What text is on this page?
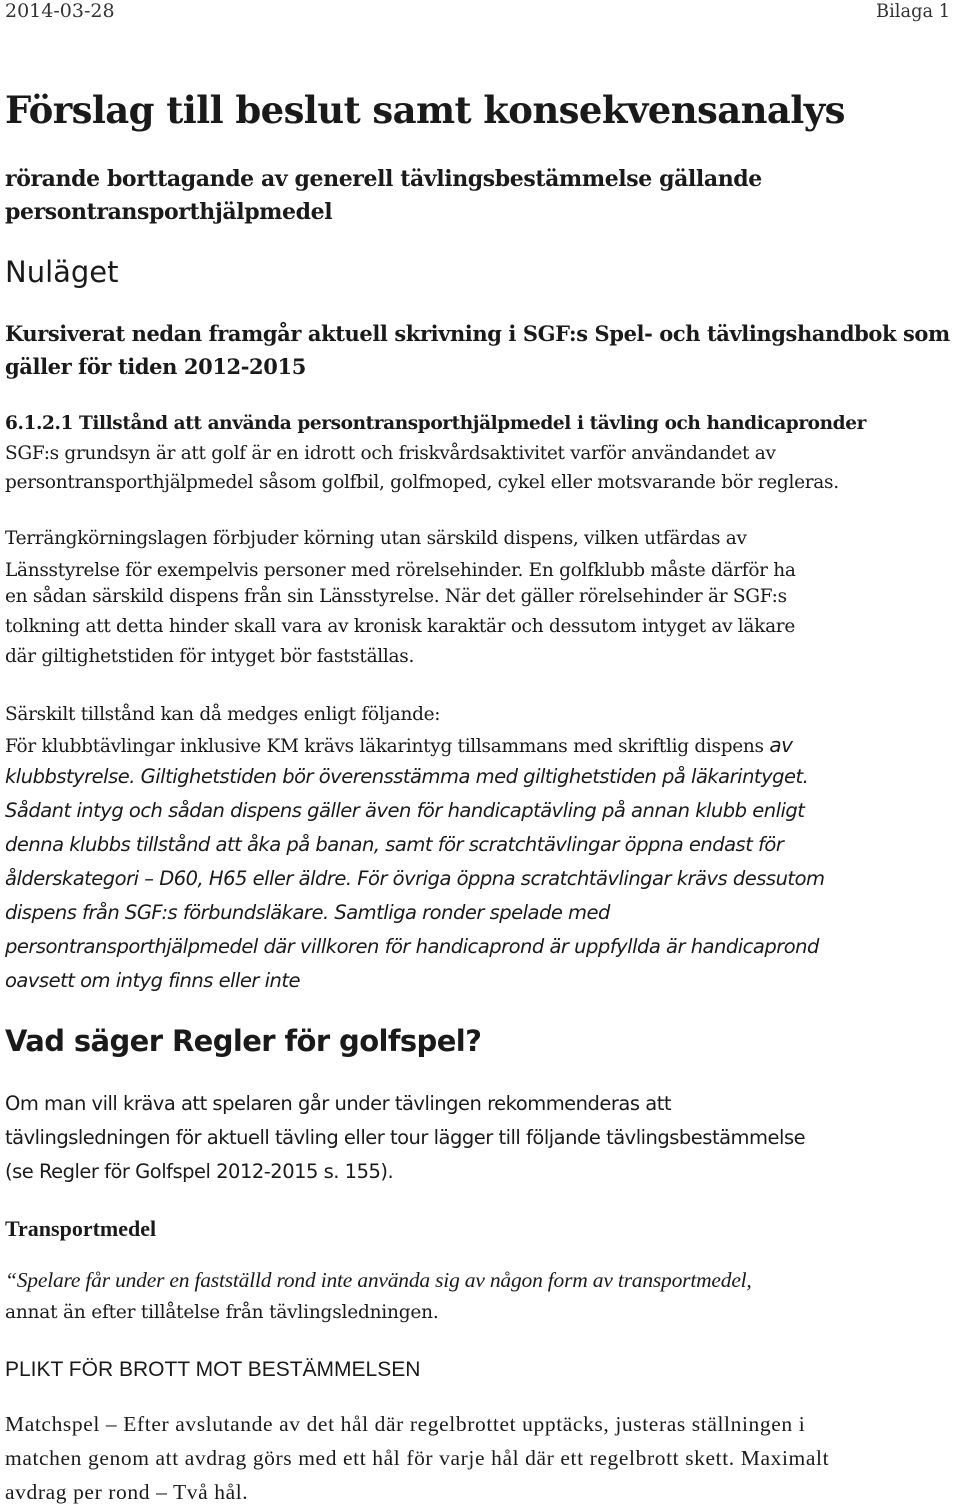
2014-03-28	Bilaga 1
Förslag till beslut samt konsekvensanalys
rörande borttagande av generell tävlingsbestämmelse gällande
persontransporthjälpmedel
Nuläget
Kursiverat nedan framgår aktuell skrivning i SGF:s Spel- och tävlingshandbok som
gäller för tiden 2012-2015
6.1.2.1 Tillstånd att använda persontransporthjälpmedel i tävling och handicapronder
SGF:s grundsyn är att golf är en idrott och friskvårdsaktivitet varför användandet av
persontransporthjälpmedel såsom golfbil, golfmoped, cykel eller motsvarande bör regleras.
Terrängkörningslagen förbjuder körning utan särskild dispens, vilken utfärdas av
Länsstyrelse för exempelvis personer med rörelsehinder. En golfklubb måste därför ha
en sådan särskild dispens från sin Länsstyrelse. När det gäller rörelsehinder är SGF:s
tolkning att detta hinder skall vara av kronisk karaktär och dessutom intyget av läkare
där giltighetstiden för intyget bör fastställas.
Särskilt tillstånd kan då medges enligt följande:
För klubbtävlingar inklusive KM krävs läkarintyg tillsammans med skriftlig dispens av
klubbstyrelse. Giltighetstiden bör överensstämma med giltighetstiden på läkarintyget.
Sådant intyg och sådan dispens gäller även för handicaptävling på annan klubb enligt
denna klubbs tillstånd att åka på banan, samt för scratchtävlingar öppna endast för
ålderskategori – D60, H65 eller äldre. För övriga öppna scratchtävlingar krävs dessutom
dispens från SGF:s förbundsläkare. Samtliga ronder spelade med
persontransporthjälpmedel där villkoren för handicaprond är uppfyllda är handicaprond
oavsett om intyg finns eller inte
Vad säger Regler för golfspel?
Om man vill kräva att spelaren går under tävlingen rekommenderas att
tävlingsledningen för aktuell tävling eller tour lägger till följande tävlingsbestämmelse
(se Regler för Golfspel 2012-2015 s. 155).
Transportmedel
“Spelare får under en fastställd rond inte använda sig av någon form av transportmedel,
annat än efter tillåtelse från tävlingsledningen.
PLIKT FÖR BROTT MOT BESTÄMMELSEN
Matchspel – Efter avslutande av det hål där regelbrottet upptäcks, justeras ställningen i
matchen genom att avdrag görs med ett hål för varje hål där ett regelbrott skett. Maximalt
avdrag per rond – Två hål.
